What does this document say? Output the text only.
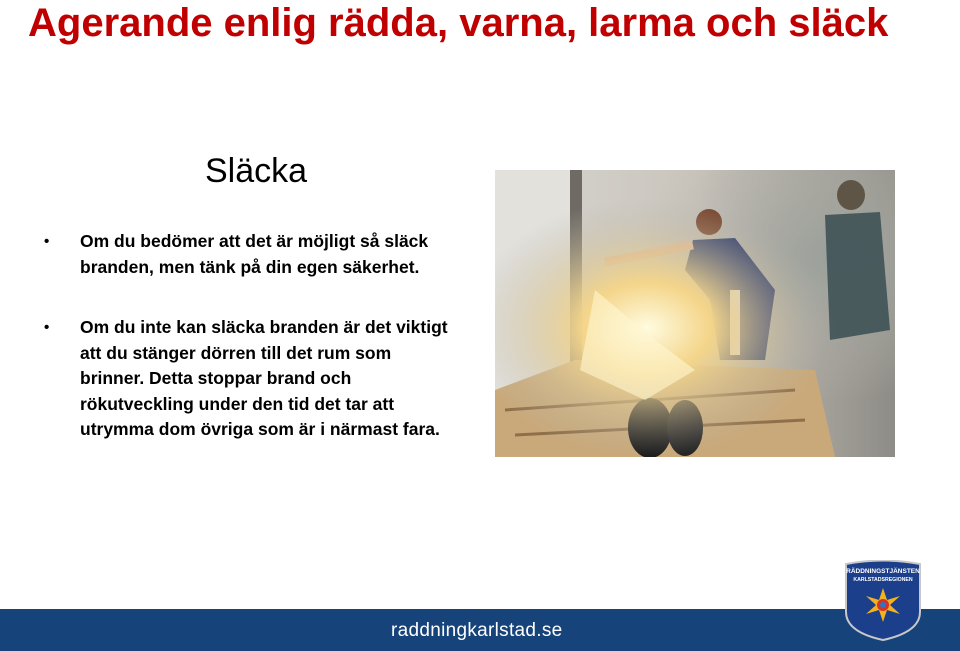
Agerande enlig rädda, varna, larma och släck
Släcka
• Om du bedömer att det är möjligt så släck branden, men tänk på din egen säkerhet.
• Om du inte kan släcka branden är det viktigt att du stänger dörren till det rum som brinner. Detta stoppar brand och rökutveckling under den tid det tar att utrymma dom övriga som är i närmast fara.
raddningkarlstad.se
RÄDDNINGSTJÄNSTEN
KARLSTADSREGIONEN
